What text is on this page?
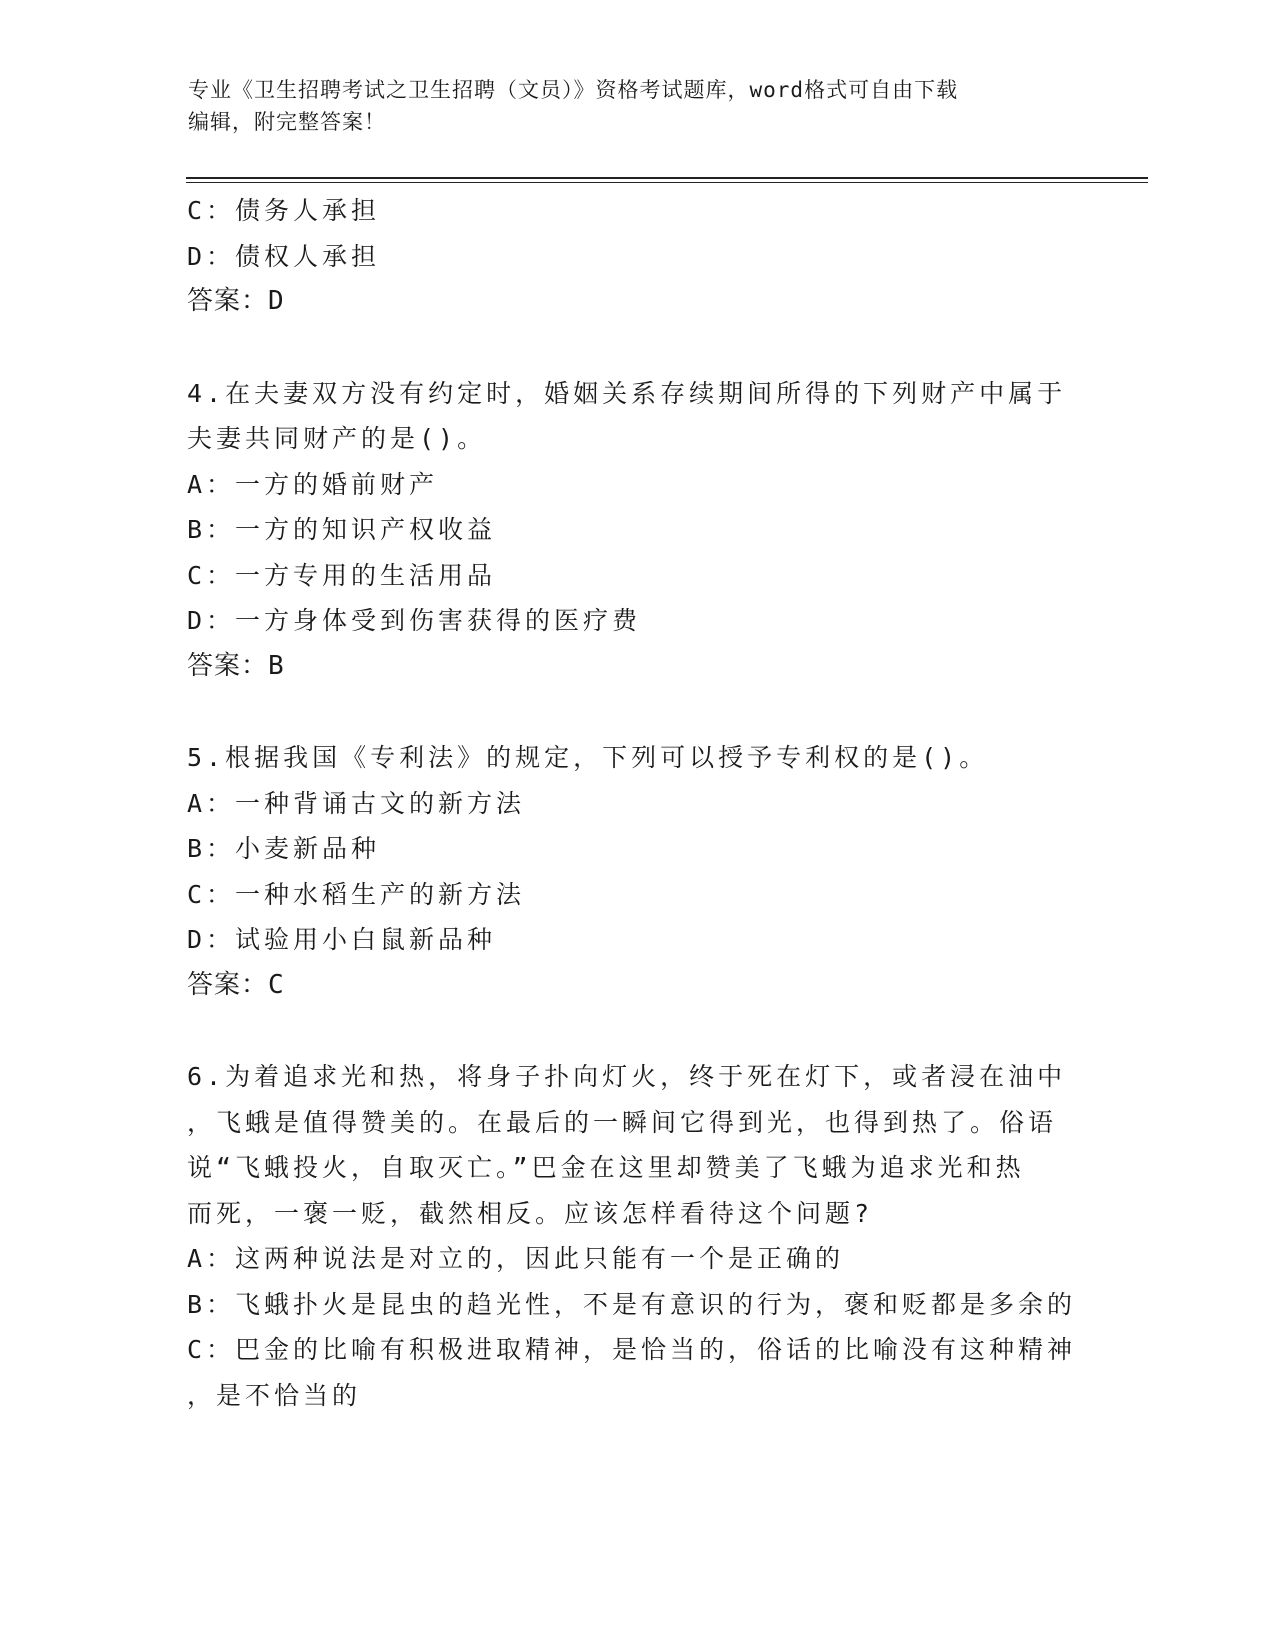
专业《卫生招聘考试之卫生招聘（文员）》资格考试题库，word格式可自由下载
编辑，附完整答案！
C：债务人承担
D：债权人承担
答案：D
4.在夫妻双方没有约定时，婚姻关系存续期间所得的下列财产中属于
夫妻共同财产的是()。
A：一方的婚前财产
B：一方的知识产权收益
C：一方专用的生活用品
D：一方身体受到伤害获得的医疗费
答案：B
5.根据我国《专利法》的规定，下列可以授予专利权的是()。
A：一种背诵古文的新方法
B：小麦新品种
C：一种水稻生产的新方法
D：试验用小白鼠新品种
答案：C
6.为着追求光和热，将身子扑向灯火，终于死在灯下，或者浸在油中
，飞蛾是值得赞美的。在最后的一瞬间它得到光，也得到热了。俗语
说“飞蛾投火，自取灭亡。”巴金在这里却赞美了飞蛾为追求光和热
而死，一褒一贬，截然相反。应该怎样看待这个问题?
A：这两种说法是对立的，因此只能有一个是正确的
B：飞蛾扑火是昆虫的趋光性，不是有意识的行为，褒和贬都是多余的
C：巴金的比喻有积极进取精神，是恰当的，俗话的比喻没有这种精神
，是不恰当的
